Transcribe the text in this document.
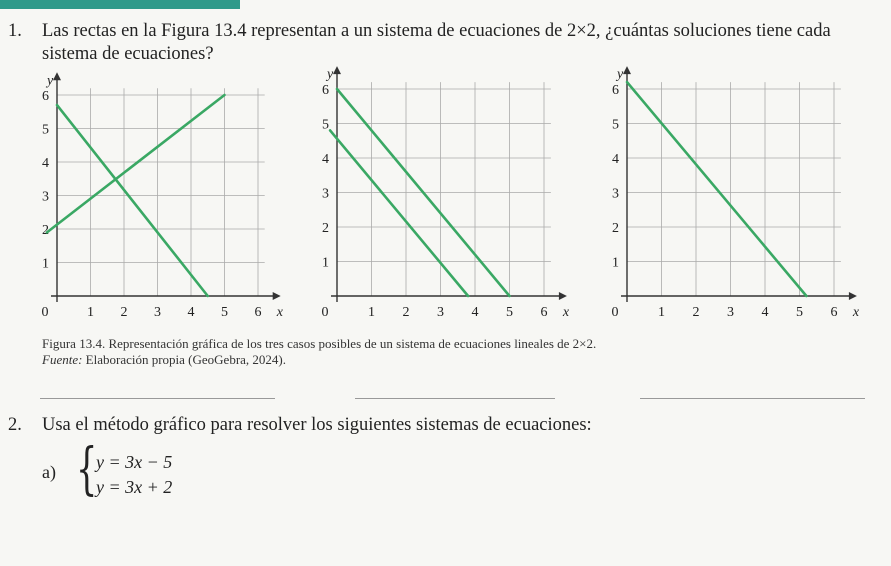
1. Las rectas en la Figura 13.4 representan a un sistema de ecuaciones de 2×2, ¿cuántas soluciones tiene cada sistema de ecuaciones?
0	1 2 3 4 5 6
1
2
3
4
5
6
x
y
0	1 2 3 4 5 6
1
2
3
4
5
6
x
y
0	1 2 3 4 5 6
1
2
3
4
5
6
x
y
Figura 13.4. Representación gráfica de los tres casos posibles de un sistema de ecuaciones lineales de 2×2.
Fuente: Elaboración propia (GeoGebra, 2024).
2. Usa el método gráfico para resolver los siguientes sistemas de ecuaciones:
a) {
y = 3x − 5
y = 3x + 2
